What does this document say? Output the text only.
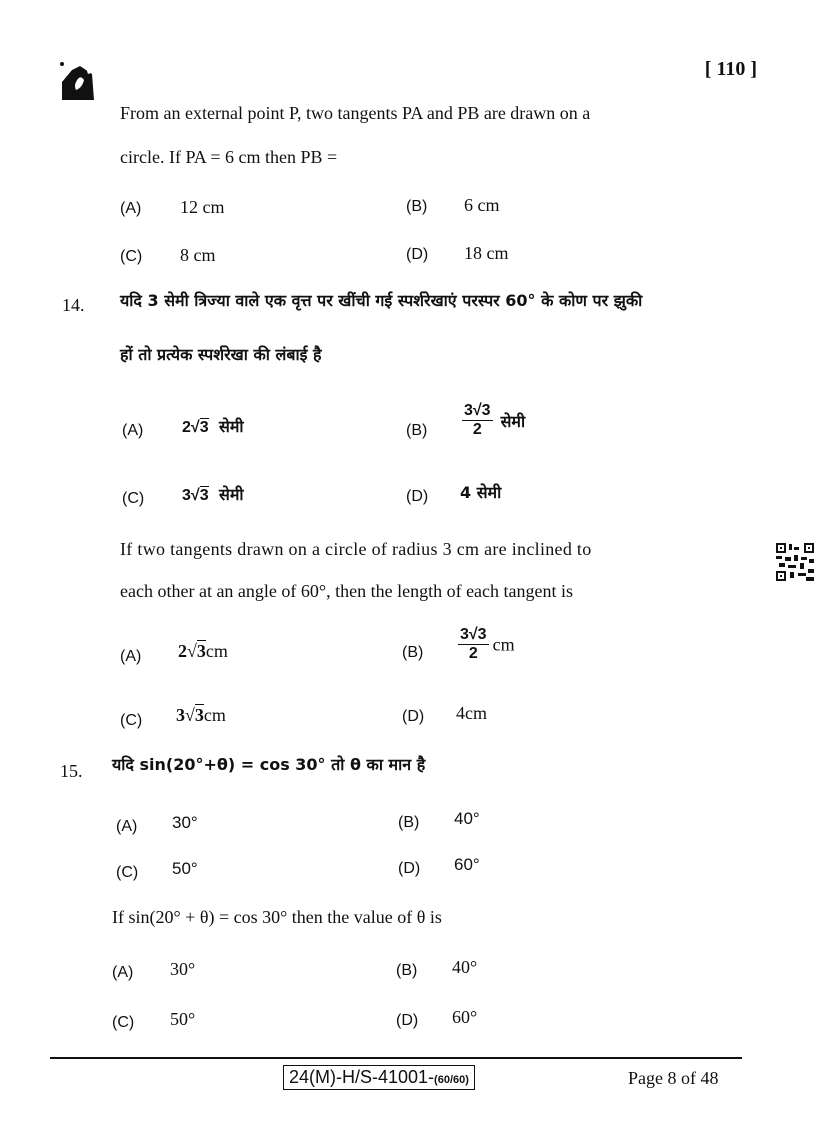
[ 110 ]
From an external point P, two tangents PA and PB are drawn on a
circle. If PA = 6 cm then PB =
(A) 12 cm	(B) 6 cm
(C) 8 cm	(D) 18 cm
14. यदि 3 सेमी त्रिज्या वाले एक वृत्त पर खींची गई स्पर्शरेखाएं परस्पर 60° के कोण पर झुकी
हों तो प्रत्येक स्पर्शरेखा की लंबाई है
(A) 2√3 सेमी	$(B) \frac{3√3}{2}$ सेमी
(C) 3√3 सेमी	(D) 4 सेमी
If two tangents drawn on a circle of radius 3 cm are inclined to
each other at an angle of 60°, then the length of each tangent is
(A) 2√3cm	$(B) \frac{3√3}{2}$ cm
(C) 3√3cm	(D) 4cm
15. यदि sin(20°+θ) = cos 30° तो θ का मान है
(A) 30°	(B) 40°
(C) 50°	(D) 60°
If sin(20° + θ) = cos 30° then the value of θ is
(A) 30°	(B) 40°
(C) 50°	(D) 60°
24(M)-H/S-41001-(60/60)	Page 8 of 48
